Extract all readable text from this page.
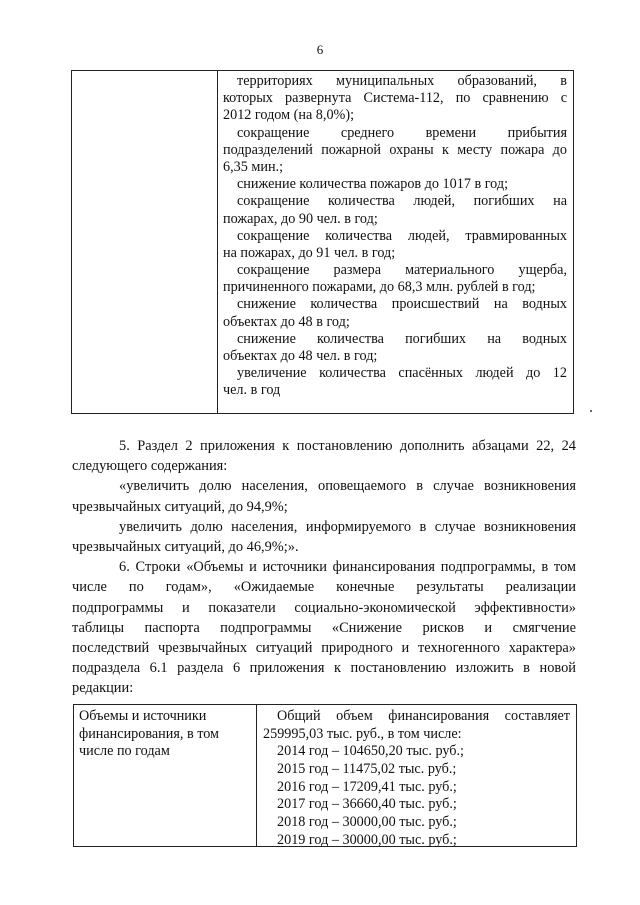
6
территориях муниципальных образований, в
которых развернута Система-112, по сравнению с
2012 годом (на 8,0%);
сокращение среднего времени прибытия
подразделений пожарной охраны к месту пожара до
6,35 мин.;
снижение количества пожаров до 1017 в год;
сокращение количества людей, погибших на
пожарах, до 90 чел. в год;
сокращение количества людей, травмированных
на пожарах, до 91 чел. в год;
сокращение размера материального ущерба,
причиненного пожарами, до 68,3 млн. рублей в год;
снижение количества происшествий на водных
объектах до 48 в год;
снижение количества погибших на водных
объектах до 48 чел. в год;
увеличение количества спасённых людей до 12
чел. в год
5. Раздел 2 приложения к постановлению дополнить абзацами 22, 24
следующего содержания:
«увеличить долю населения, оповещаемого в случае возникновения
чрезвычайных ситуаций, до 94,9%;
увеличить долю населения, информируемого в случае возникновения
чрезвычайных ситуаций, до 46,9%;».
6. Строки «Объемы и источники финансирования подпрограммы, в том
числе по годам», «Ожидаемые конечные результаты реализации
подпрограммы и показатели социально-экономической эффективности»
таблицы паспорта подпрограммы «Снижение рисков и смягчение
последствий чрезвычайных ситуаций природного и техногенного характера»
подраздела 6.1 раздела 6 приложения к постановлению изложить в новой
редакции:
Объемы и источники
финансирования, в том
числе по годам
Общий объем финансирования составляет
259995,03 тыс. руб., в том числе:
2014 год – 104650,20 тыс. руб.;
2015 год – 11475,02 тыс. руб.;
2016 год – 17209,41 тыс. руб.;
2017 год – 36660,40 тыс. руб.;
2018 год – 30000,00 тыс. руб.;
2019 год – 30000,00 тыс. руб.;
